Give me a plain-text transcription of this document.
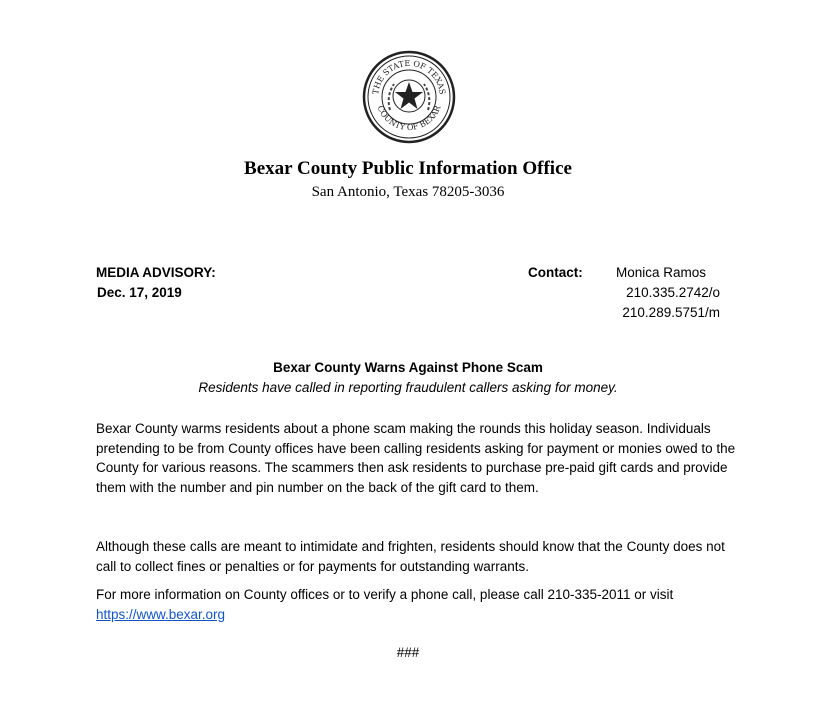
THE STATE OF TEXAS
COUNTY OF BEXAR
Bexar County Public Information Office
San Antonio, Texas 78205-3036
MEDIA ADVISORY:
Dec. 17, 2019
Contact: Monica Ramos
210.335.2742/o
210.289.5751/m
Bexar County Warns Against Phone Scam
Residents have called in reporting fraudulent callers asking for money.
Bexar County warms residents about a phone scam making the rounds this holiday season. Individuals pretending to be from County offices have been calling residents asking for payment or monies owed to the County for various reasons. The scammers then ask residents to purchase pre-paid gift cards and provide them with the number and pin number on the back of the gift card to them.
Although these calls are meant to intimidate and frighten, residents should know that the County does not call to collect fines or penalties or for payments for outstanding warrants.
For more information on County offices or to verify a phone call, please call 210-335-2011 or visit https://www.bexar.org
###
